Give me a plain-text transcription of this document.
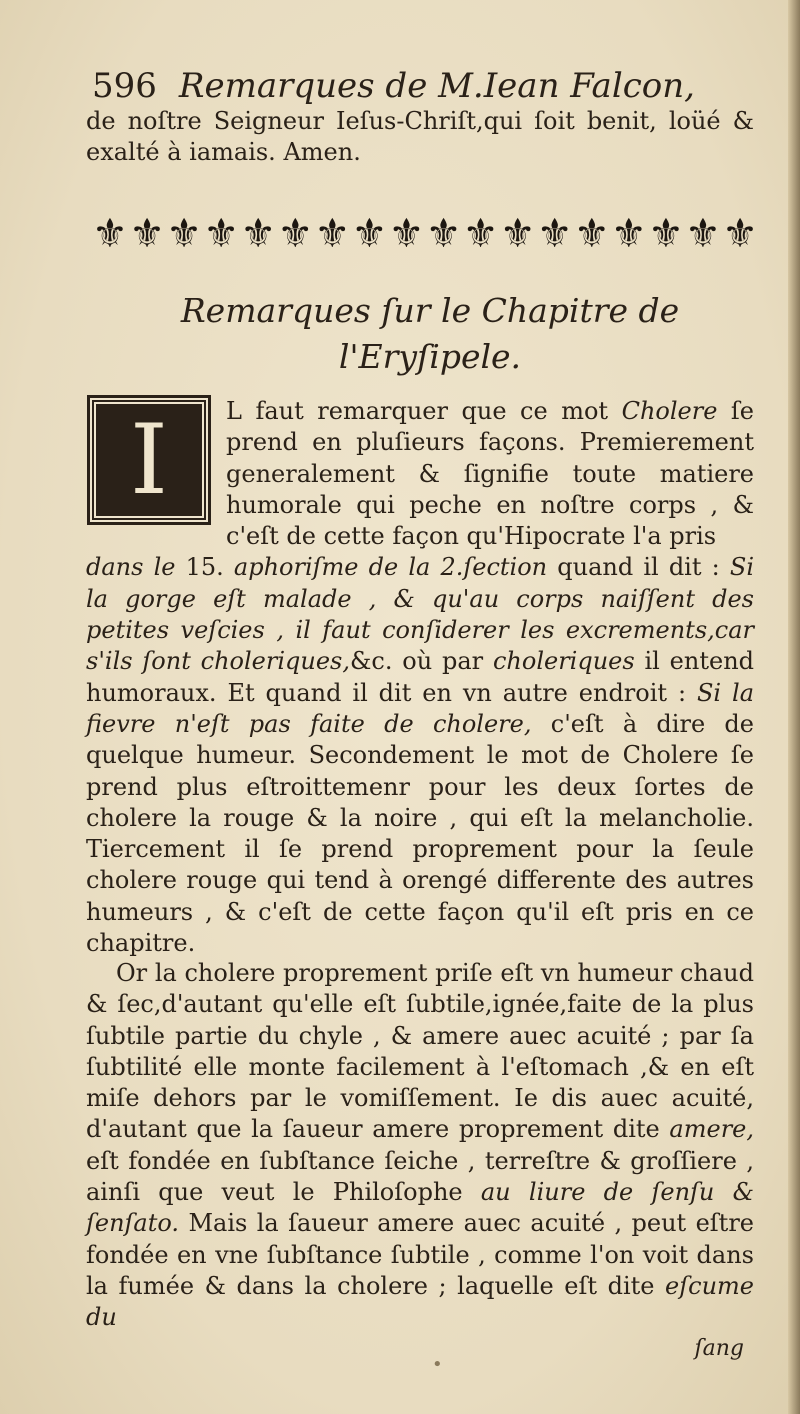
596 Remarques de M.Iean Falcon,
de noſtre Seigneur Ieſus-Chriſt,qui ſoit benit, loüé & exalté à iamais. Amen.
⚜ ⚜ ⚜ ⚜ ⚜ ⚜ ⚜ ⚜ ⚜ ⚜ ⚜ ⚜ ⚜ ⚜ ⚜ ⚜ ⚜ ⚜
Remarques ſur le Chapitre de
l'Eryſipele.
I	L faut remarquer que ce mot Cholere ſe prend en pluſieurs façons. Premierement generalement & ſignifie toute matiere humorale qui peche en noſtre corps , & c'eſt de cette façon qu'Hipocrate l'a pris
dans le 15. aphoriſme de la 2.ſection quand il dit : Si la gorge eſt malade , & qu'au corps naiſſent des petites veſcies , il faut conſiderer les excrements,car s'ils ſont choleriques,&c. où par choleriques il entend humoraux. Et quand il dit en vn autre endroit : Si la fievre n'eſt pas faite de cholere, c'eſt à dire de quelque humeur. Secondement le mot de Cholere ſe prend plus eſtroittemenr pour les deux ſortes de cholere la rouge & la noire , qui eſt la melancholie. Tiercement il ſe prend proprement pour la ſeule cholere rouge qui tend à orengé differente des autres humeurs , & c'eſt de cette façon qu'il eſt pris en ce chapitre.
Or la cholere proprement priſe eſt vn humeur chaud & ſec,d'autant qu'elle eſt ſubtile,ignée,faite de la plus ſubtile partie du chyle , & amere auec acuité ; par ſa ſubtilité elle monte facilement à l'eſtomach ,& en eſt miſe dehors par le vomiſſement. Ie dis auec acuité, d'autant que la ſaueur amere proprement dite amere, eſt fondée en ſubſtance ſeiche , terreſtre & groſſiere , ainſi que veut le Philoſophe au liure de ſenſu & ſenſato. Mais la ſaueur amere auec acuité , peut eſtre fondée en vne ſubſtance ſubtile , comme l'on voit dans la fumée & dans la cholere ; laquelle eſt dite eſcume du
ſang
•
